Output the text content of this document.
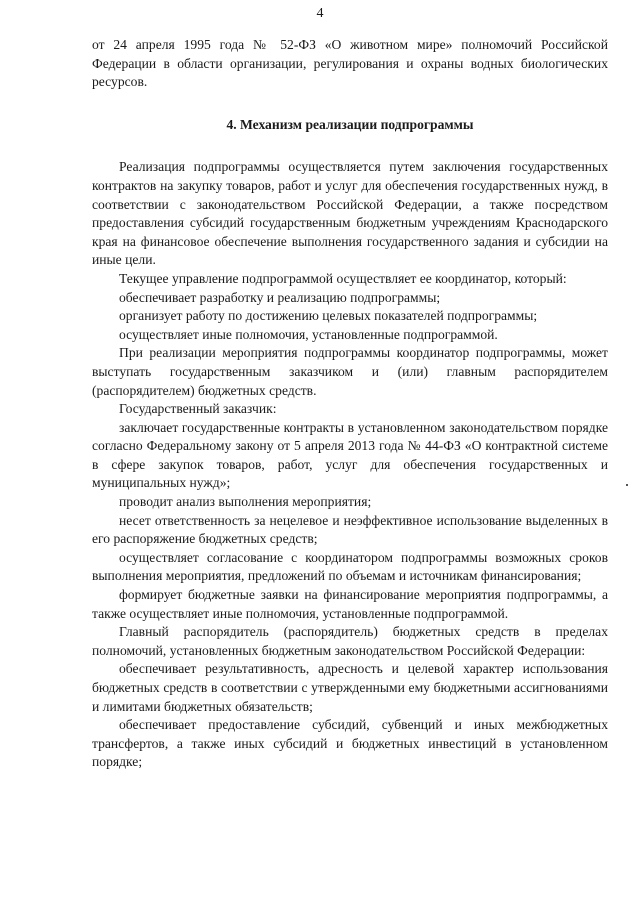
4

от 24 апреля 1995 года № 52-ФЗ «О животном мире» полномочий Российской Федерации в области организации, регулирования и охраны водных биологических ресурсов.

4. Механизм реализации подпрограммы

Реализация подпрограммы осуществляется путем заключения государственных контрактов на закупку товаров, работ и услуг для обеспечения государственных нужд, в соответствии с законодательством Российской Федерации, а также посредством предоставления субсидий государственным бюджетным учреждениям Краснодарского края на финансовое обеспечение выполнения государственного задания и субсидии на иные цели.

Текущее управление подпрограммой осуществляет ее координатор, который:

обеспечивает разработку и реализацию подпрограммы;

организует работу по достижению целевых показателей подпрограммы;

осуществляет иные полномочия, установленные подпрограммой.

При реализации мероприятия подпрограммы координатор подпрограммы, может выступать государственным заказчиком и (или) главным распорядителем (распорядителем) бюджетных средств.

Государственный заказчик:

заключает государственные контракты в установленном законодательством порядке согласно Федеральному закону от 5 апреля 2013 года № 44-ФЗ «О контрактной системе в сфере закупок товаров, работ, услуг для обеспечения государственных и муниципальных нужд»;

проводит анализ выполнения мероприятия;

несет ответственность за нецелевое и неэффективное использование выделенных в его распоряжение бюджетных средств;

осуществляет согласование с координатором подпрограммы возможных сроков выполнения мероприятия, предложений по объемам и источникам финансирования;

формирует бюджетные заявки на финансирование мероприятия подпрограммы, а также осуществляет иные полномочия, установленные подпрограммой.

Главный распорядитель (распорядитель) бюджетных средств в пределах полномочий, установленных бюджетным законодательством Российской Федерации:

обеспечивает результативность, адресность и целевой характер использования бюджетных средств в соответствии с утвержденными ему бюджетными ассигнованиями и лимитами бюджетных обязательств;

обеспечивает предоставление субсидий, субвенций и иных межбюджетных трансфертов, а также иных субсидий и бюджетных инвестиций в установленном порядке;
